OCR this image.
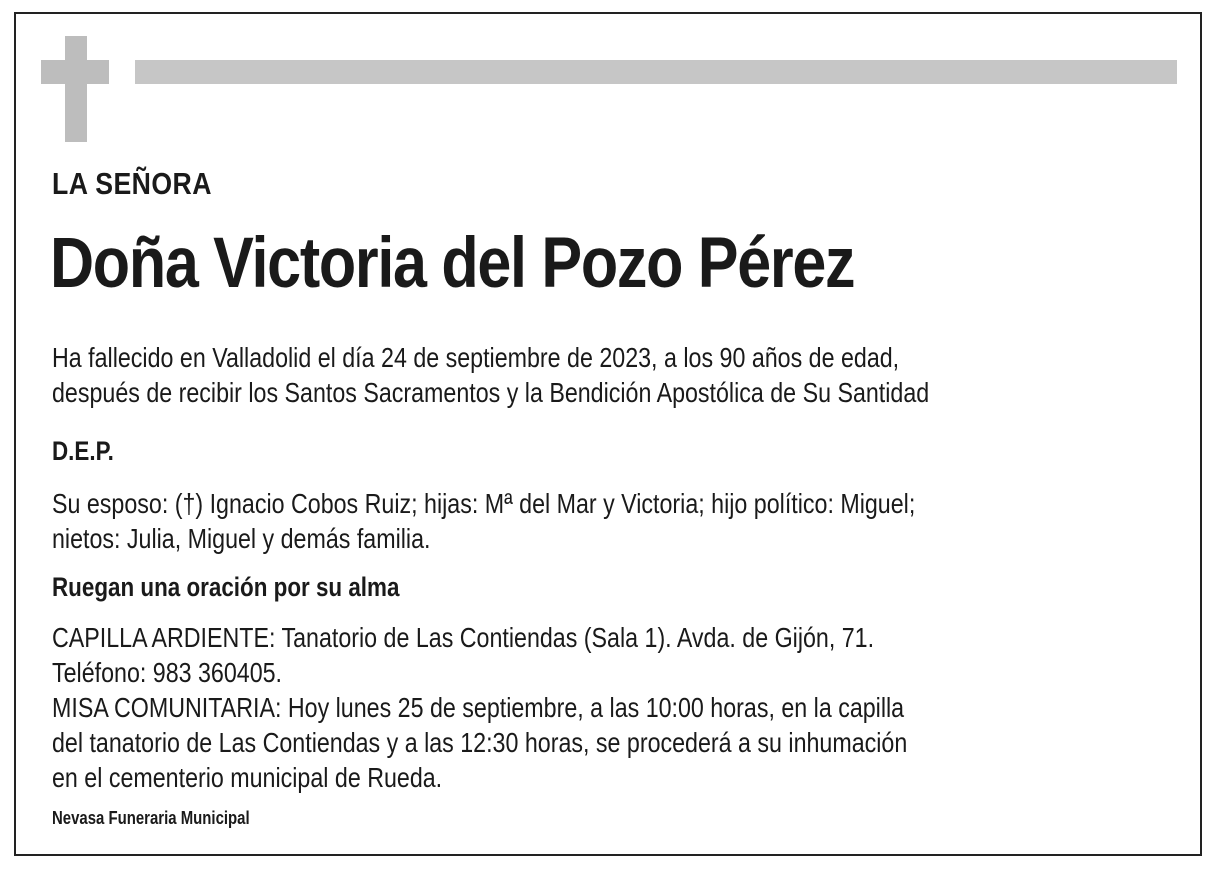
LA SEÑORA
Doña Victoria del Pozo Pérez
Ha fallecido en Valladolid el día 24 de septiembre de 2023, a los 90 años de edad,
después de recibir los Santos Sacramentos y la Bendición Apostólica de Su Santidad
D.E.P.
Su esposo: (†) Ignacio Cobos Ruiz; hijas: Mª del Mar y Victoria; hijo político: Miguel;
nietos: Julia, Miguel y demás familia.
Ruegan una oración por su alma
CAPILLA ARDIENTE: Tanatorio de Las Contiendas (Sala 1). Avda. de Gijón, 71.
Teléfono: 983 360405.
MISA COMUNITARIA: Hoy lunes 25 de septiembre, a las 10:00 horas, en la capilla
del tanatorio de Las Contiendas y a las 12:30 horas, se procederá a su inhumación
en el cementerio municipal de Rueda.
Nevasa Funeraria Municipal
